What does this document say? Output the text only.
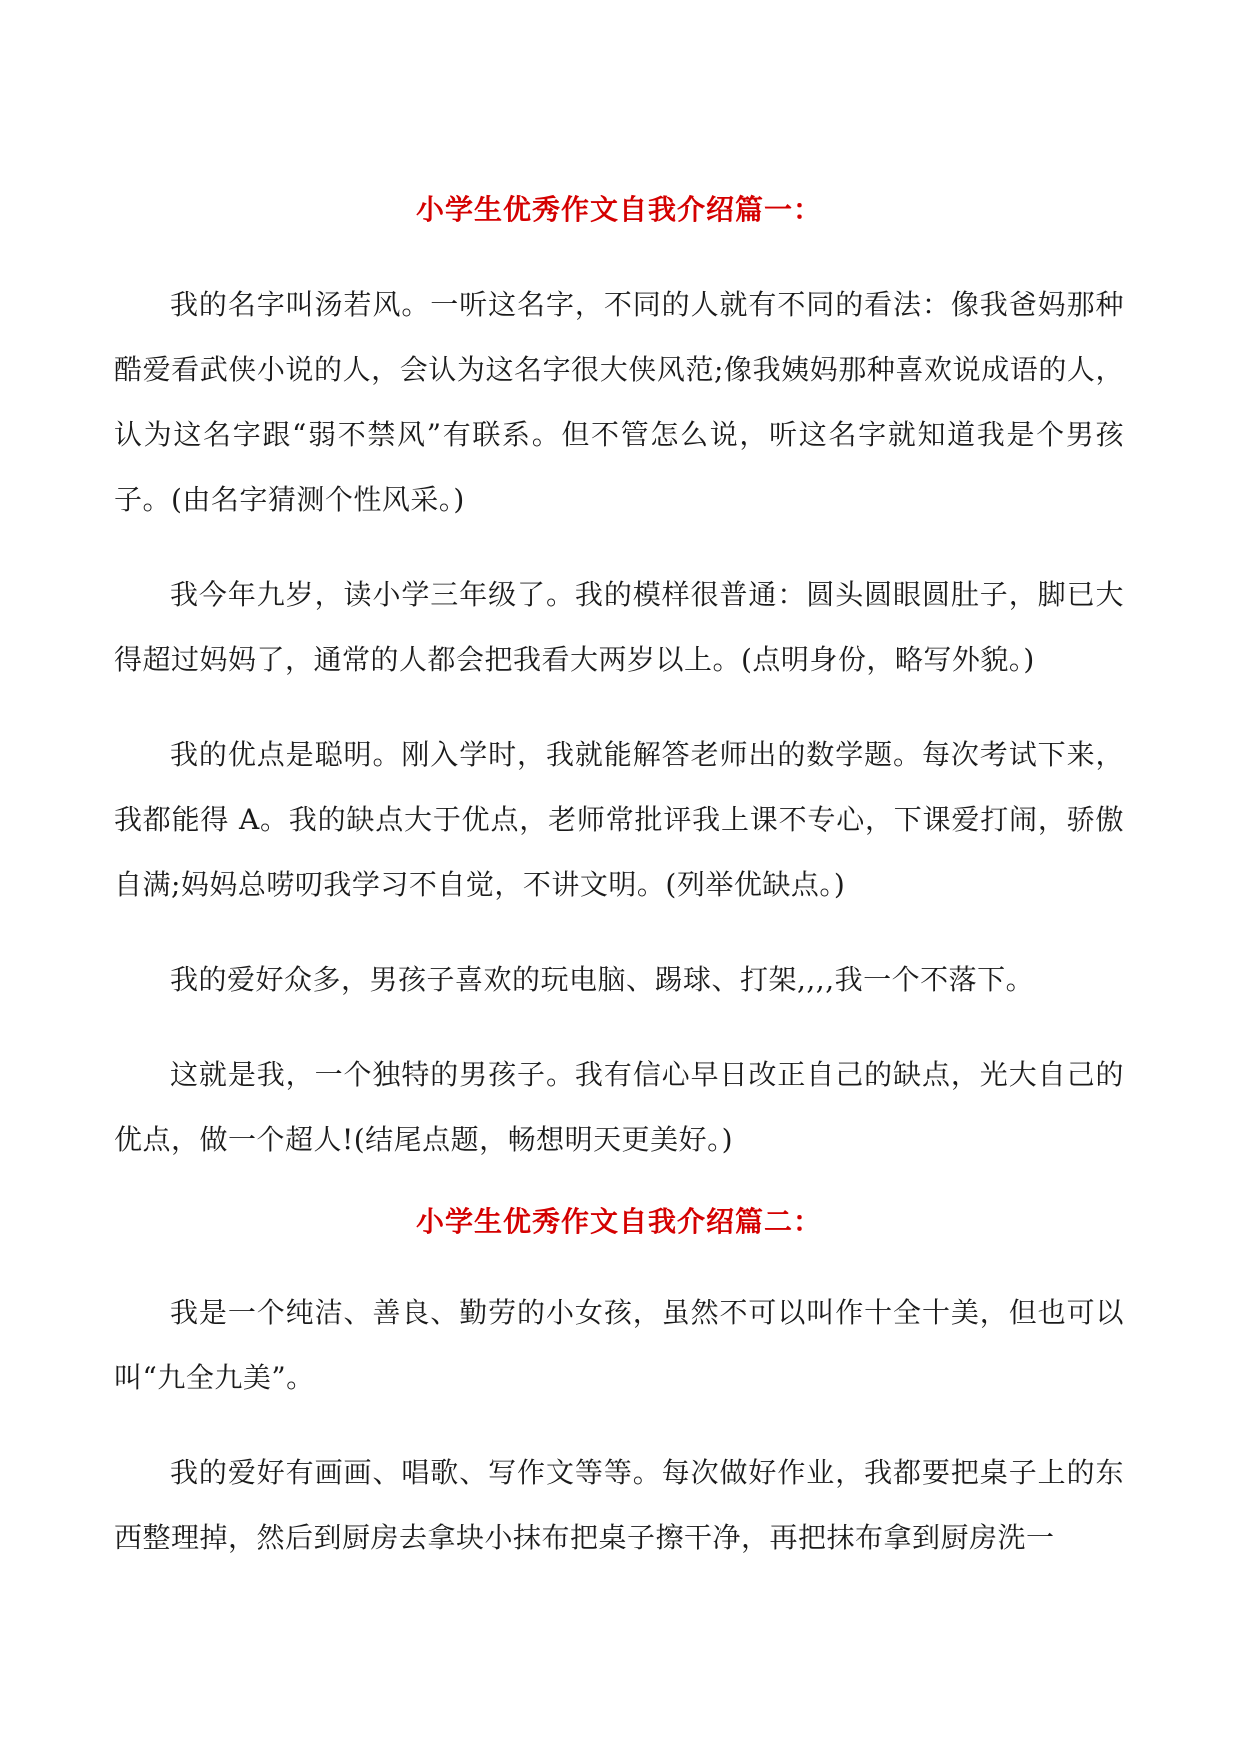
小学生优秀作文自我介绍篇一：

我的名字叫汤若风。一听这名字，不同的人就有不同的看法：像我爸妈那种酷爱看武侠小说的人，会认为这名字很大侠风范;像我姨妈那种喜欢说成语的人，认为这名字跟“弱不禁风”有联系。但不管怎么说，听这名字就知道我是个男孩子。(由名字猜测个性风采。)

我今年九岁，读小学三年级了。我的模样很普通：圆头圆眼圆肚子，脚已大得超过妈妈了，通常的人都会把我看大两岁以上。(点明身份，略写外貌。)

我的优点是聪明。刚入学时，我就能解答老师出的数学题。每次考试下来，我都能得 A。我的缺点大于优点，老师常批评我上课不专心，下课爱打闹，骄傲自满;妈妈总唠叨我学习不自觉，不讲文明。(列举优缺点。)

我的爱好众多，男孩子喜欢的玩电脑、踢球、打架,,,,我一个不落下。

这就是我，一个独特的男孩子。我有信心早日改正自己的缺点，光大自己的优点，做一个超人!(结尾点题，畅想明天更美好。)

小学生优秀作文自我介绍篇二：

我是一个纯洁、善良、勤劳的小女孩，虽然不可以叫作十全十美，但也可以叫“九全九美”。

我的爱好有画画、唱歌、写作文等等。每次做好作业，我都要把桌子上的东西整理掉，然后到厨房去拿块小抹布把桌子擦干净，再把抹布拿到厨房洗一
